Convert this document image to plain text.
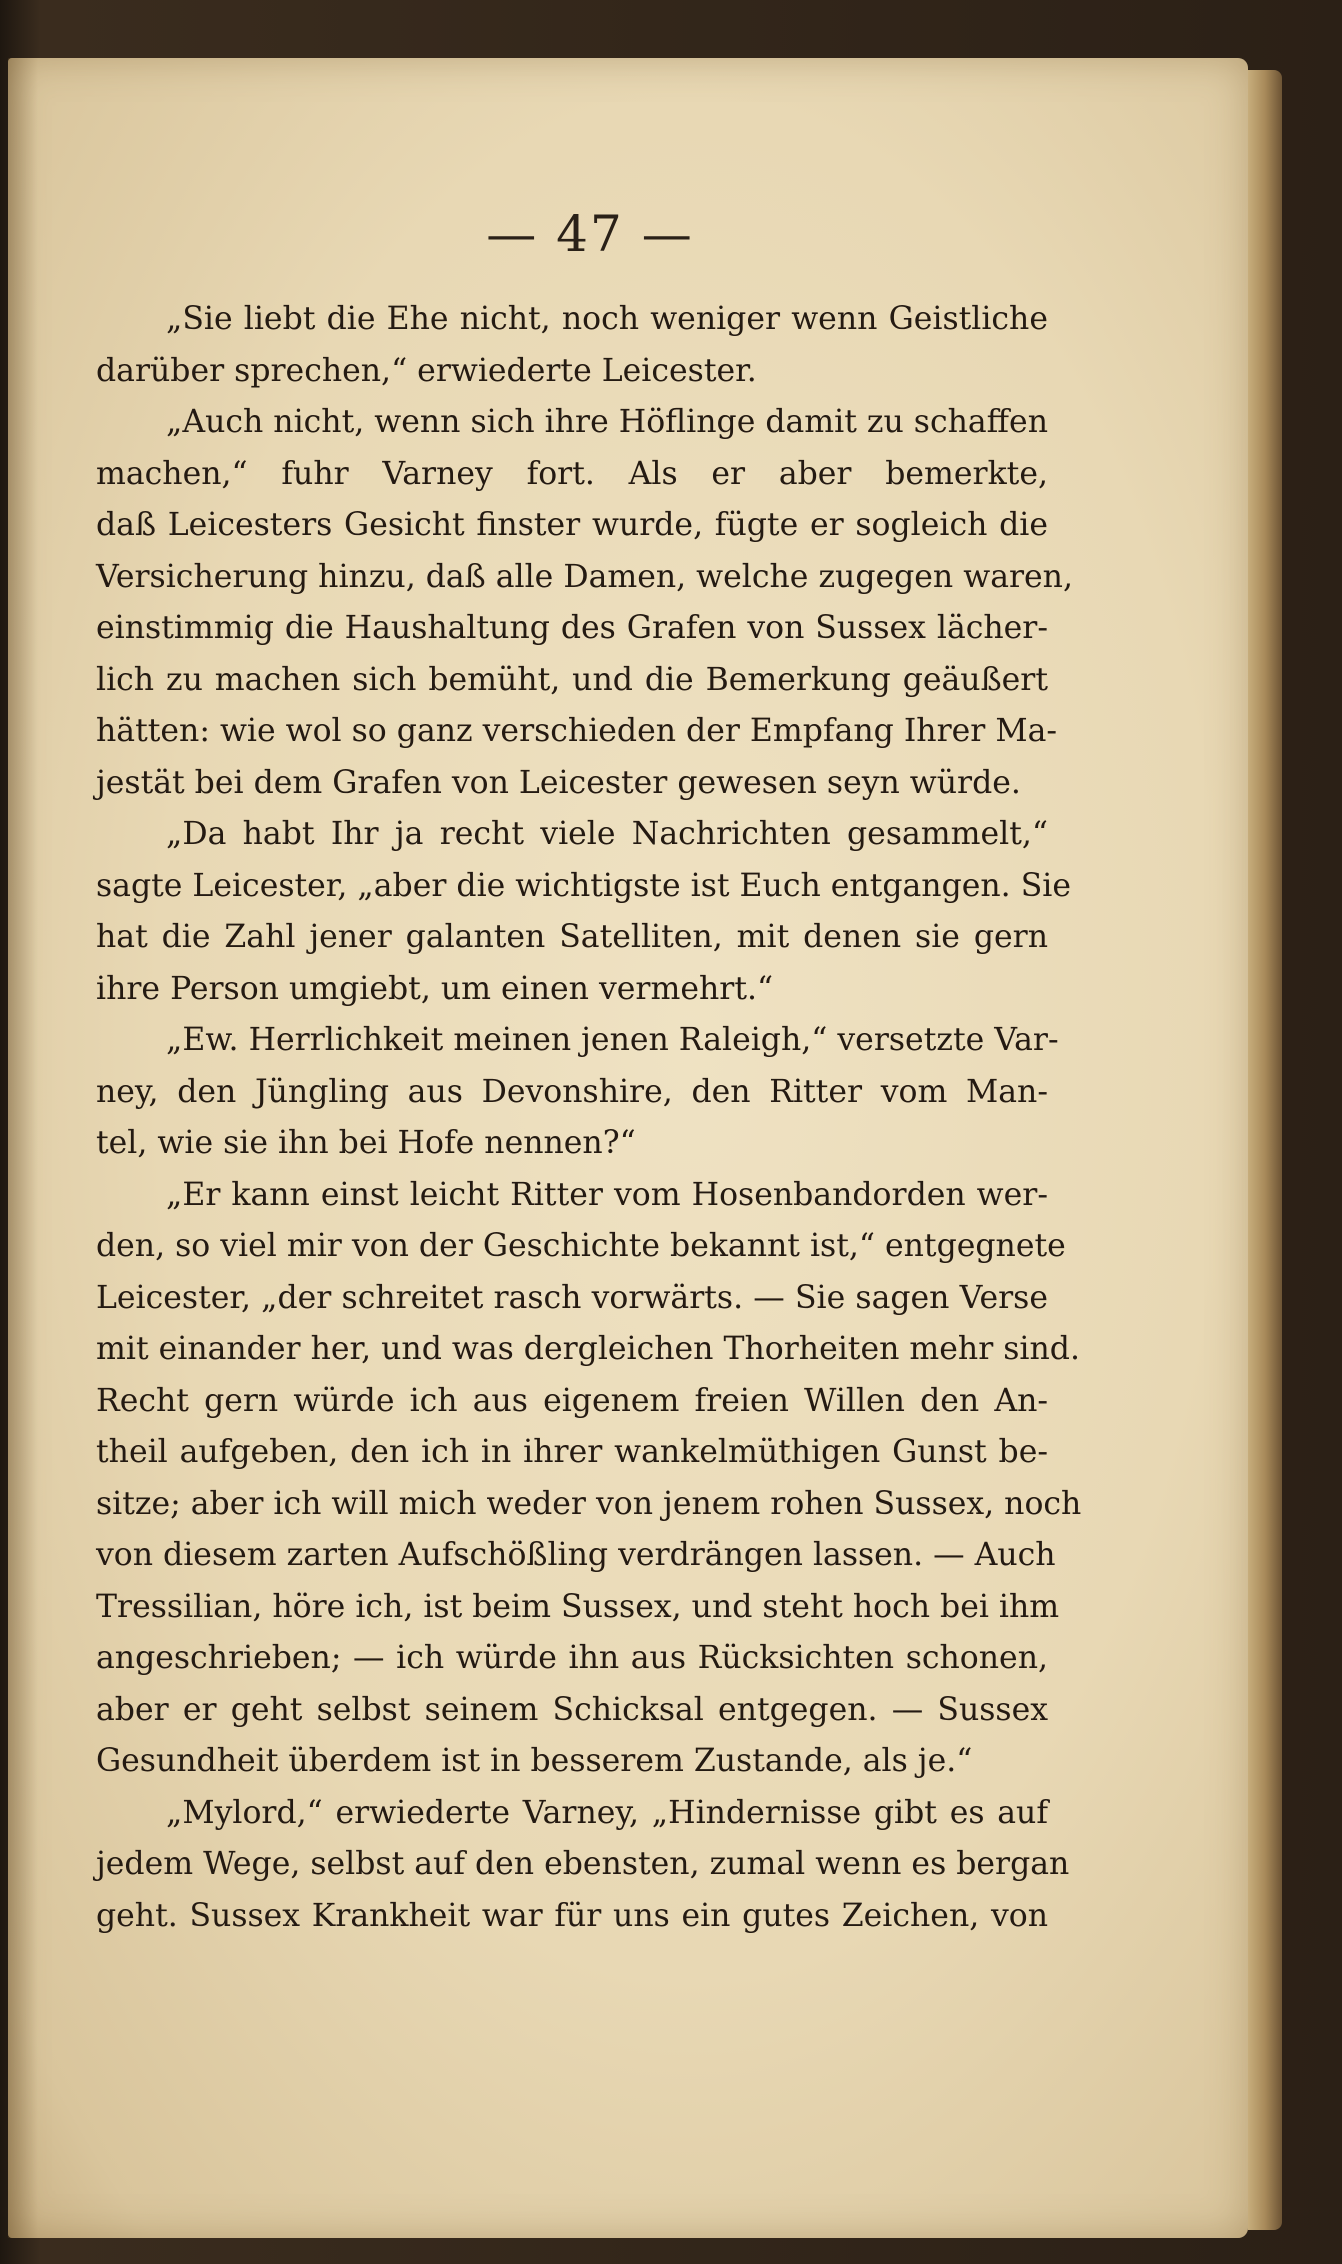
— 47 —
„Sie liebt die Ehe nicht, noch weniger wenn Geistliche
darüber sprechen,“ erwiederte Leicester.
„Auch nicht, wenn sich ihre Höflinge damit zu schaffen
machen,“ fuhr Varney fort. Als er aber bemerkte,
daß Leicesters Gesicht finster wurde, fügte er sogleich die
Versicherung hinzu, daß alle Damen, welche zugegen waren,
einstimmig die Haushaltung des Grafen von Sussex lächer-
lich zu machen sich bemüht, und die Bemerkung geäußert
hätten: wie wol so ganz verschieden der Empfang Ihrer Ma-
jestät bei dem Grafen von Leicester gewesen seyn würde.
„Da habt Ihr ja recht viele Nachrichten gesammelt,“
sagte Leicester, „aber die wichtigste ist Euch entgangen. Sie
hat die Zahl jener galanten Satelliten, mit denen sie gern
ihre Person umgiebt, um einen vermehrt.“
„Ew. Herrlichkeit meinen jenen Raleigh,“ versetzte Var-
ney, den Jüngling aus Devonshire, den Ritter vom Man-
tel, wie sie ihn bei Hofe nennen?“
„Er kann einst leicht Ritter vom Hosenbandorden wer-
den, so viel mir von der Geschichte bekannt ist,“ entgegnete
Leicester, „der schreitet rasch vorwärts. — Sie sagen Verse
mit einander her, und was dergleichen Thorheiten mehr sind.
Recht gern würde ich aus eigenem freien Willen den An-
theil aufgeben, den ich in ihrer wankelmüthigen Gunst be-
sitze; aber ich will mich weder von jenem rohen Sussex, noch
von diesem zarten Aufschößling verdrängen lassen. — Auch
Tressilian, höre ich, ist beim Sussex, und steht hoch bei ihm
angeschrieben; — ich würde ihn aus Rücksichten schonen,
aber er geht selbst seinem Schicksal entgegen. — Sussex
Gesundheit überdem ist in besserem Zustande, als je.“
„Mylord,“ erwiederte Varney, „Hindernisse gibt es auf
jedem Wege, selbst auf den ebensten, zumal wenn es bergan
geht. Sussex Krankheit war für uns ein gutes Zeichen, von
